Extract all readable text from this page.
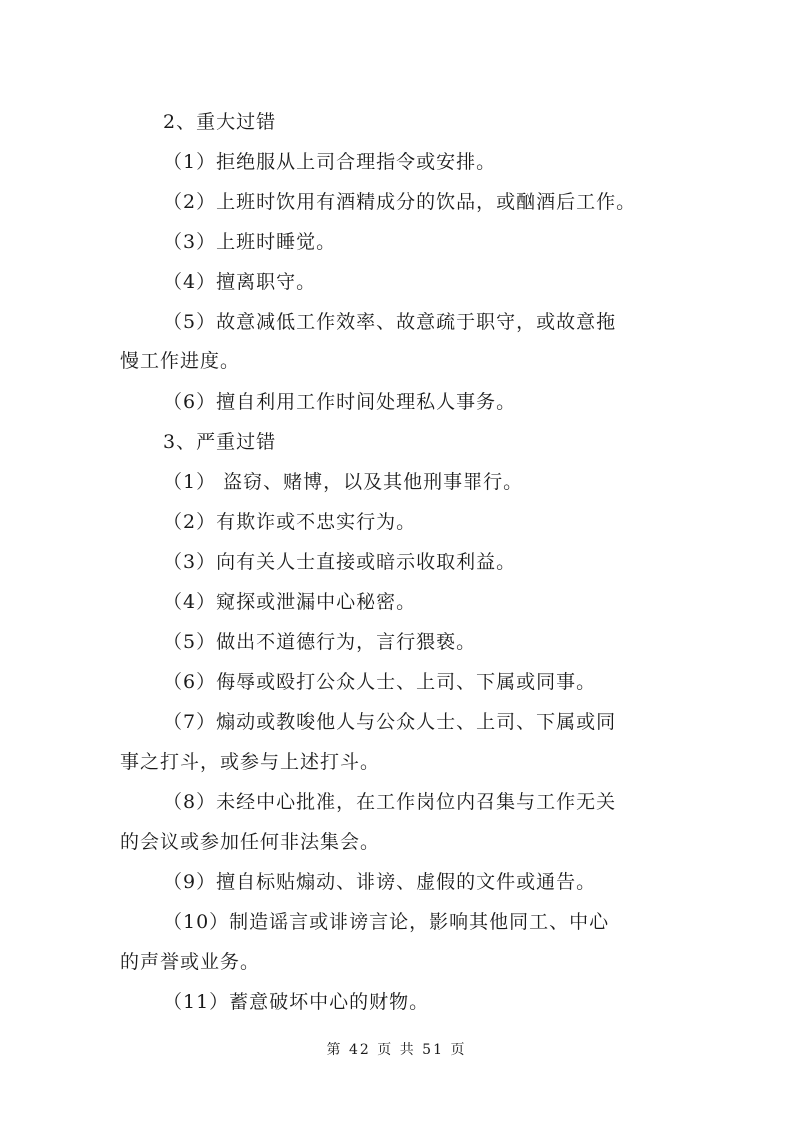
2、重大过错
（1）拒绝服从上司合理指令或安排。
（2）上班时饮用有酒精成分的饮品，或酗酒后工作。
（3）上班时睡觉。
（4）擅离职守。
（5）故意减低工作效率、故意疏于职守，或故意拖
慢工作进度。
（6）擅自利用工作时间处理私人事务。
3、严重过错
（1） 盗窃、赌博，以及其他刑事罪行。
（2）有欺诈或不忠实行为。
（3）向有关人士直接或暗示收取利益。
（4）窥探或泄漏中心秘密。
（5）做出不道德行为，言行猥亵。
（6）侮辱或殴打公众人士、上司、下属或同事。
（7）煽动或教唆他人与公众人士、上司、下属或同
事之打斗，或参与上述打斗。
（8）未经中心批准，在工作岗位内召集与工作无关
的会议或参加任何非法集会。
（9）擅自标贴煽动、诽谤、虚假的文件或通告。
（10）制造谣言或诽谤言论，影响其他同工、中心
的声誉或业务。
（11）蓄意破坏中心的财物。
第 42 页 共 51 页
